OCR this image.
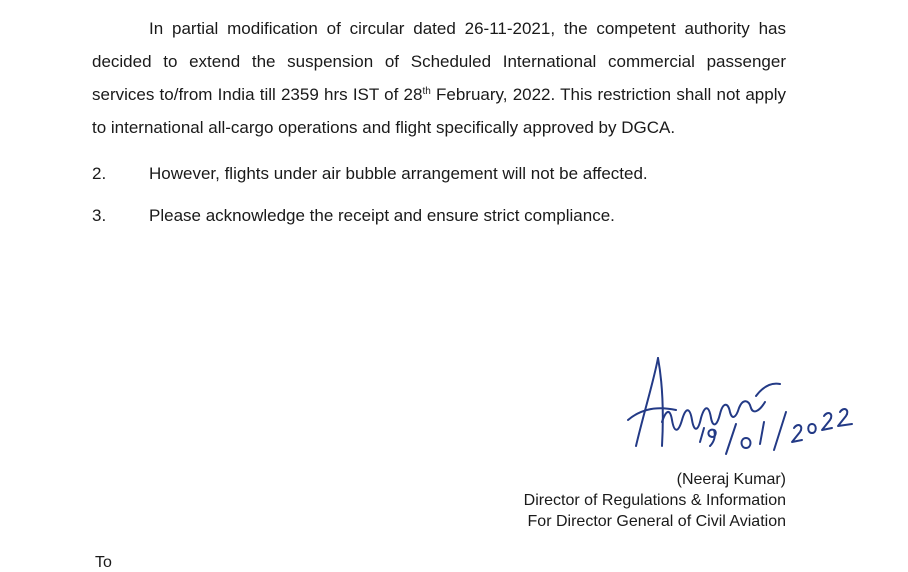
In partial modification of circular dated 26-11-2021, the competent authority has decided to extend the suspension of Scheduled International commercial passenger services to/from India till 2359 hrs IST of 28th February, 2022. This restriction shall not apply to international all-cargo operations and flight specifically approved by DGCA.

2.	However, flights under air bubble arrangement will not be affected.
3.	Please acknowledge the receipt and ensure strict compliance.
(Neeraj Kumar)
Director of Regulations & Information
For Director General of Civil Aviation
To
